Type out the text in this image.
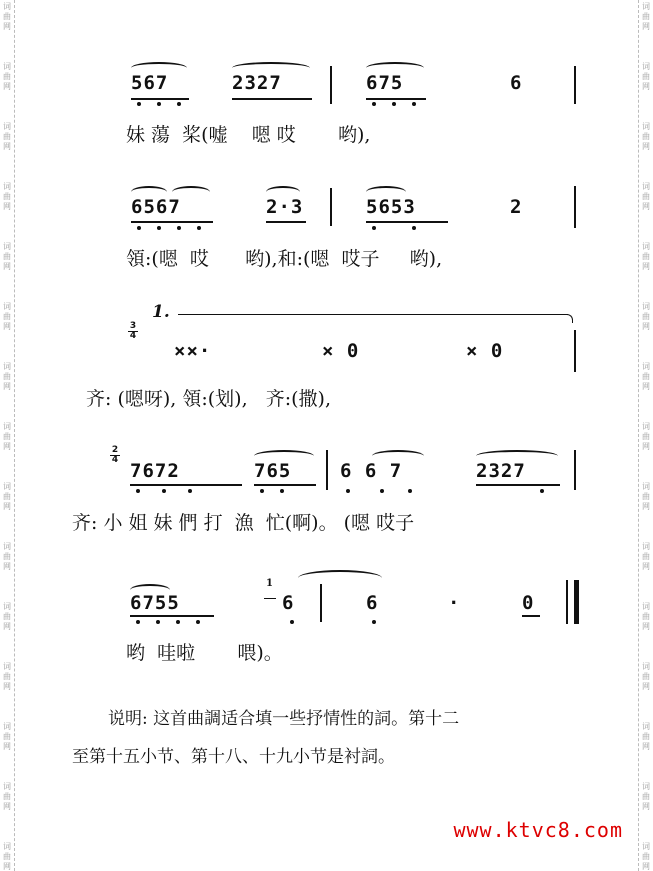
567	2327	675	6
妹 蕩  桨(嘘    嗯 哎       哟),
6567	2·3	5653	2
領:(嗯  哎      哟),和:(嗯  哎子     哟),
1.
3
4
××·	× 0	× 0
齐: (嗯呀), 領:(划),   齐:(撒),
2
4 7672	765	6 6 7	2327
齐: 小 姐 妹 們 打  漁  忙(啊)。 (嗯 哎子
1
6755	6	6	·	0
哟  哇啦       喂)。
说明: 这首曲調适合填一些抒情性的詞。第十二
至第十五小节、第十八、十九小节是衬詞。
www.ktvc8.com
词
曲
网
词
曲
网
词
曲
网
词
曲
网
词
曲
网
词
曲
网
词
曲
网
词
曲
网
词
曲
网
词
曲
网
词
曲
网
词
曲
网
词
曲
网
词
曲
网
词
曲
网
词
曲
网
词
曲
网
词
曲
网
词
曲
网
词
曲
网
词
曲
网
词
曲
网
词
曲
网
词
曲
网
词
曲
网
词
曲
网
词
曲
网
词
曲
网
词
曲
网
词
曲
网
